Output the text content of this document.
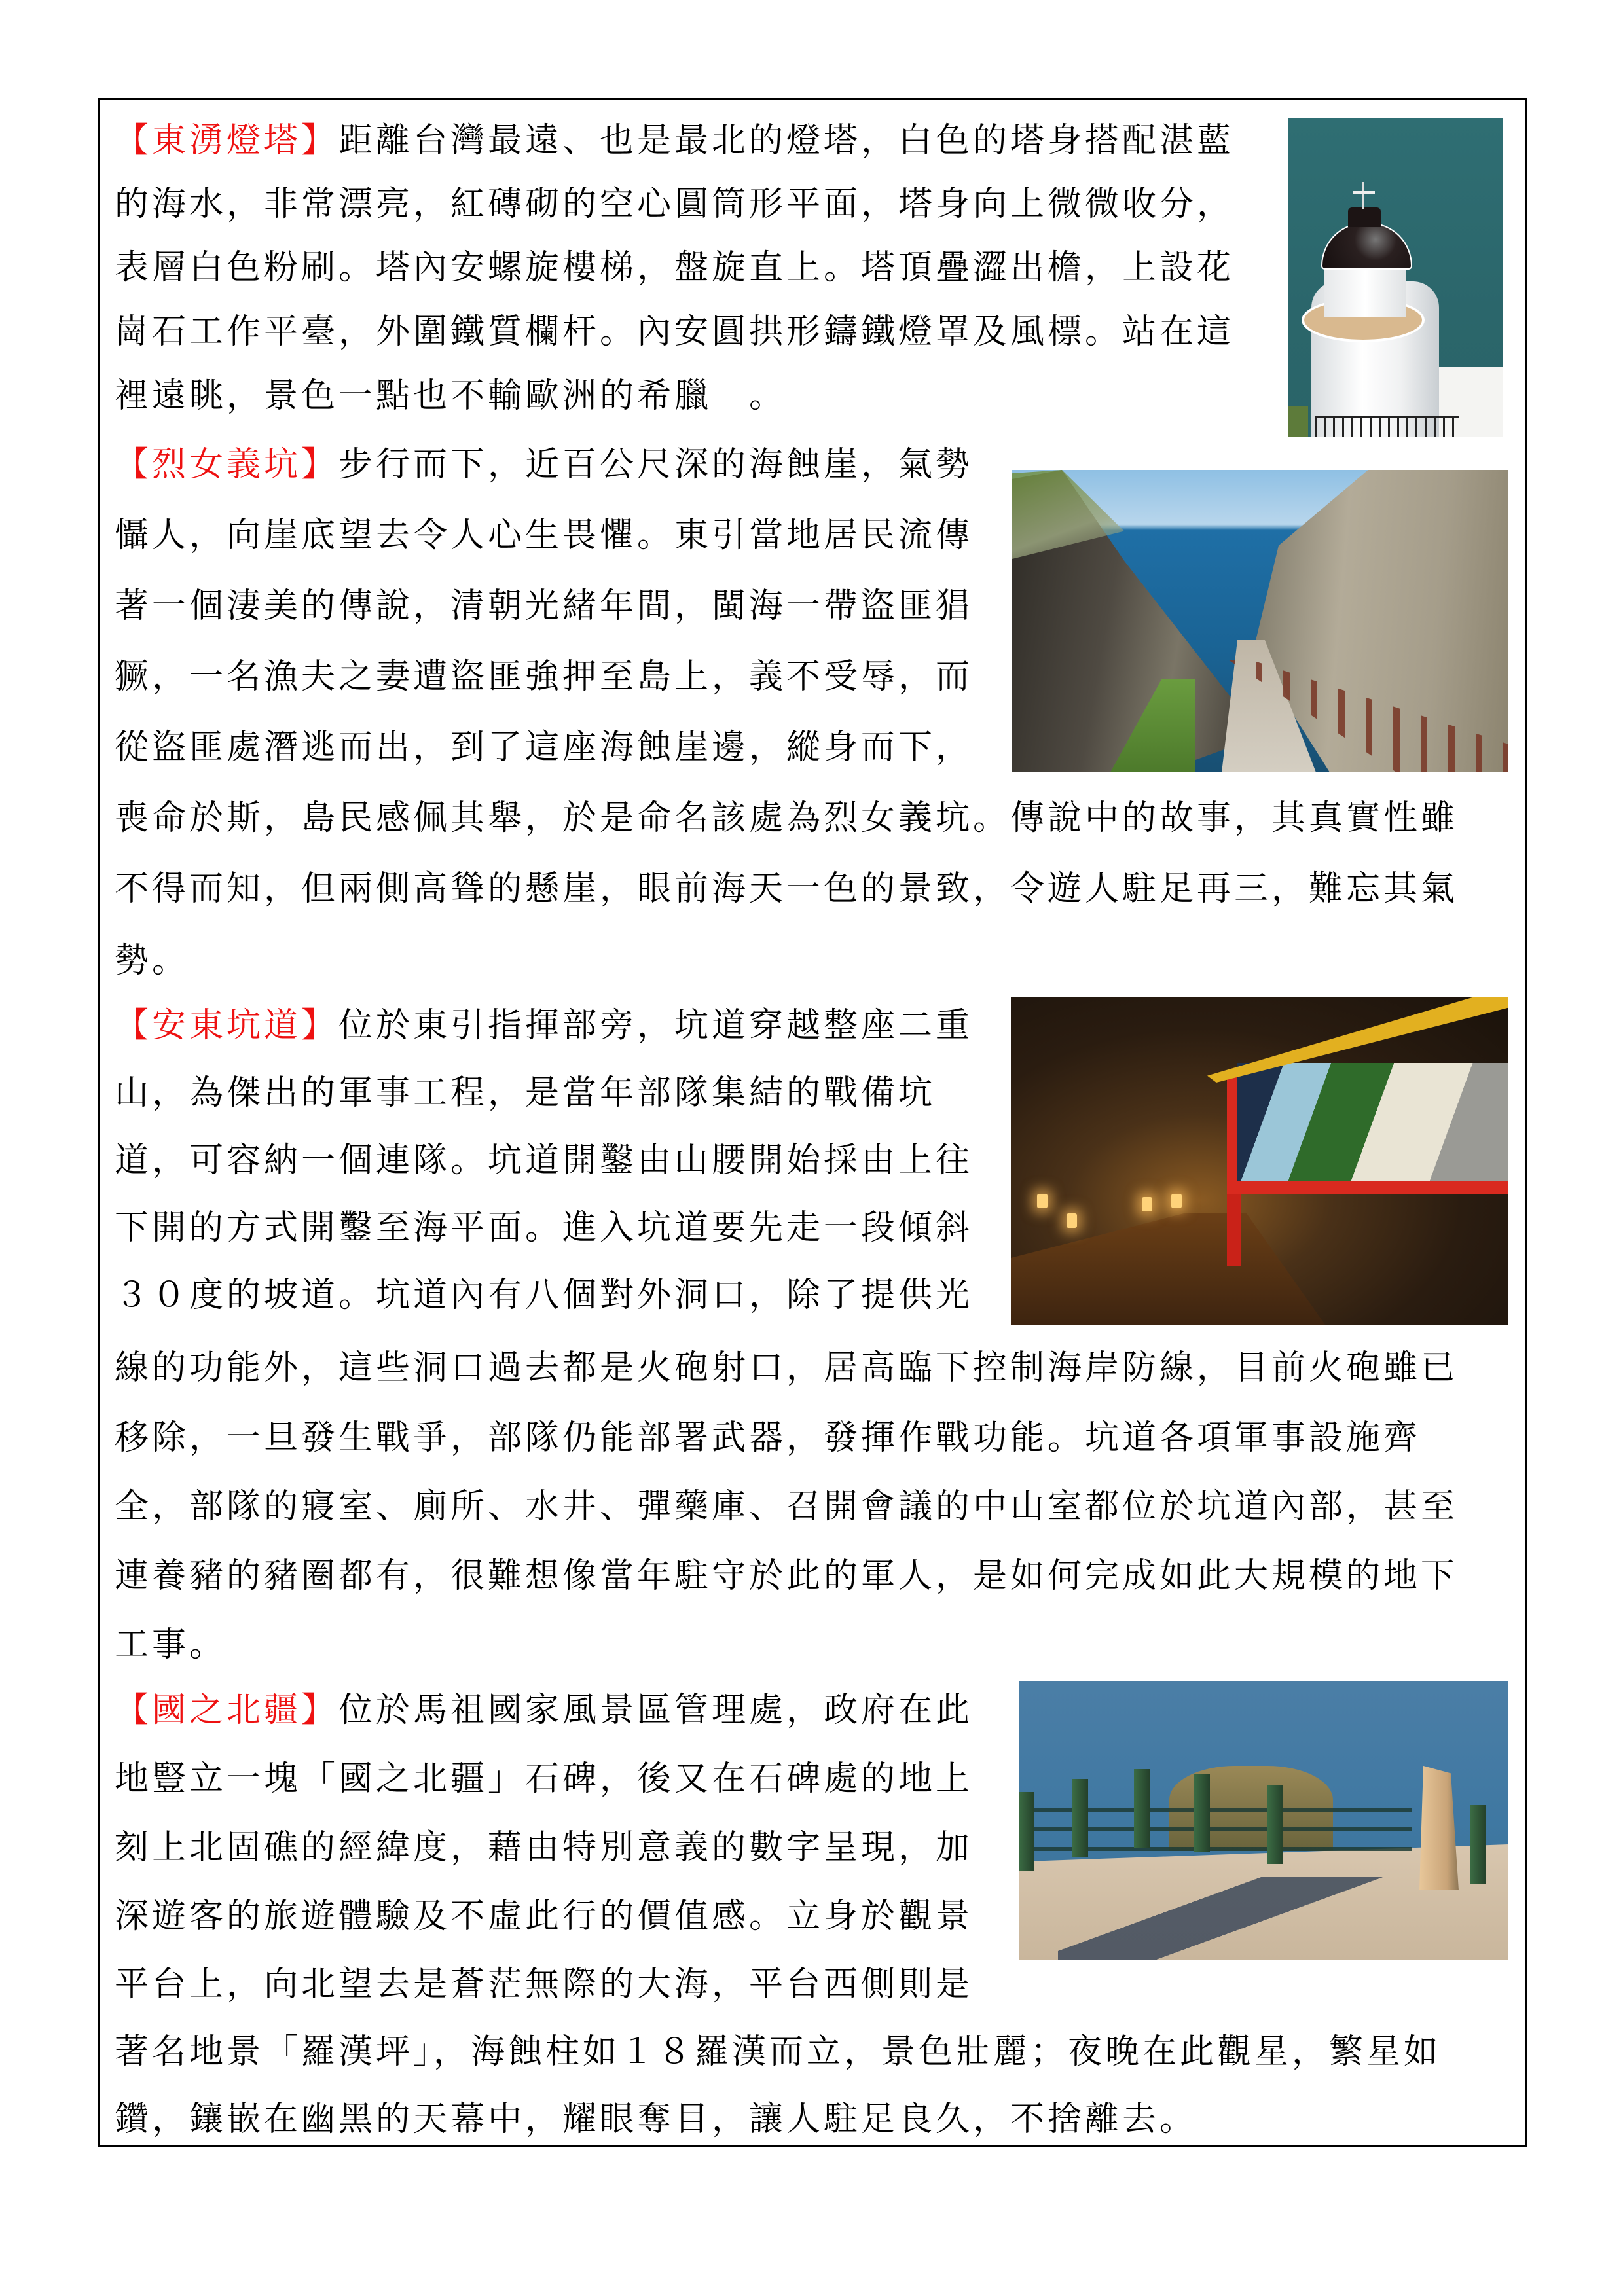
【東湧燈塔】距離台灣最遠、也是最北的燈塔，白色的塔身搭配湛藍
的海水，非常漂亮，紅磚砌的空心圓筒形平面，塔身向上微微收分，
表層白色粉刷。塔內安螺旋樓梯，盤旋直上。塔頂疊澀出檐，上設花
崗石工作平臺，外圍鐵質欄杆。內安圓拱形鑄鐵燈罩及風標。站在這
裡遠眺，景色一點也不輸歐洲的希臘　。
【烈女義坑】步行而下，近百公尺深的海蝕崖，氣勢
懾人，向崖底望去令人心生畏懼。東引當地居民流傳
著一個淒美的傳說，清朝光緒年間，閩海一帶盜匪猖
獗，一名漁夫之妻遭盜匪強押至島上，義不受辱，而
從盜匪處潛逃而出，到了這座海蝕崖邊，縱身而下，
喪命於斯，島民感佩其舉，於是命名該處為烈女義坑。傳說中的故事，其真實性雖
不得而知，但兩側高聳的懸崖，眼前海天一色的景致，令遊人駐足再三，難忘其氣
勢。
【安東坑道】位於東引指揮部旁，坑道穿越整座二重
山，為傑出的軍事工程，是當年部隊集結的戰備坑
道，可容納一個連隊。坑道開鑿由山腰開始採由上往
下開的方式開鑿至海平面。進入坑道要先走一段傾斜
３０度的坡道。坑道內有八個對外洞口，除了提供光
線的功能外，這些洞口過去都是火砲射口，居高臨下控制海岸防線，目前火砲雖已
移除，一旦發生戰爭，部隊仍能部署武器，發揮作戰功能。坑道各項軍事設施齊
全，部隊的寢室、廁所、水井、彈藥庫、召開會議的中山室都位於坑道內部，甚至
連養豬的豬圈都有，很難想像當年駐守於此的軍人，是如何完成如此大規模的地下
工事。
【國之北疆】位於馬祖國家風景區管理處，政府在此
地豎立一塊「國之北疆」石碑，後又在石碑處的地上
刻上北固礁的經緯度，藉由特別意義的數字呈現，加
深遊客的旅遊體驗及不虛此行的價值感。立身於觀景
平台上，向北望去是蒼茫無際的大海，平台西側則是
著名地景「羅漢坪」，海蝕柱如１８羅漢而立，景色壯麗；夜晚在此觀星，繁星如
鑽，鑲嵌在幽黑的天幕中，耀眼奪目，讓人駐足良久，不捨離去。
